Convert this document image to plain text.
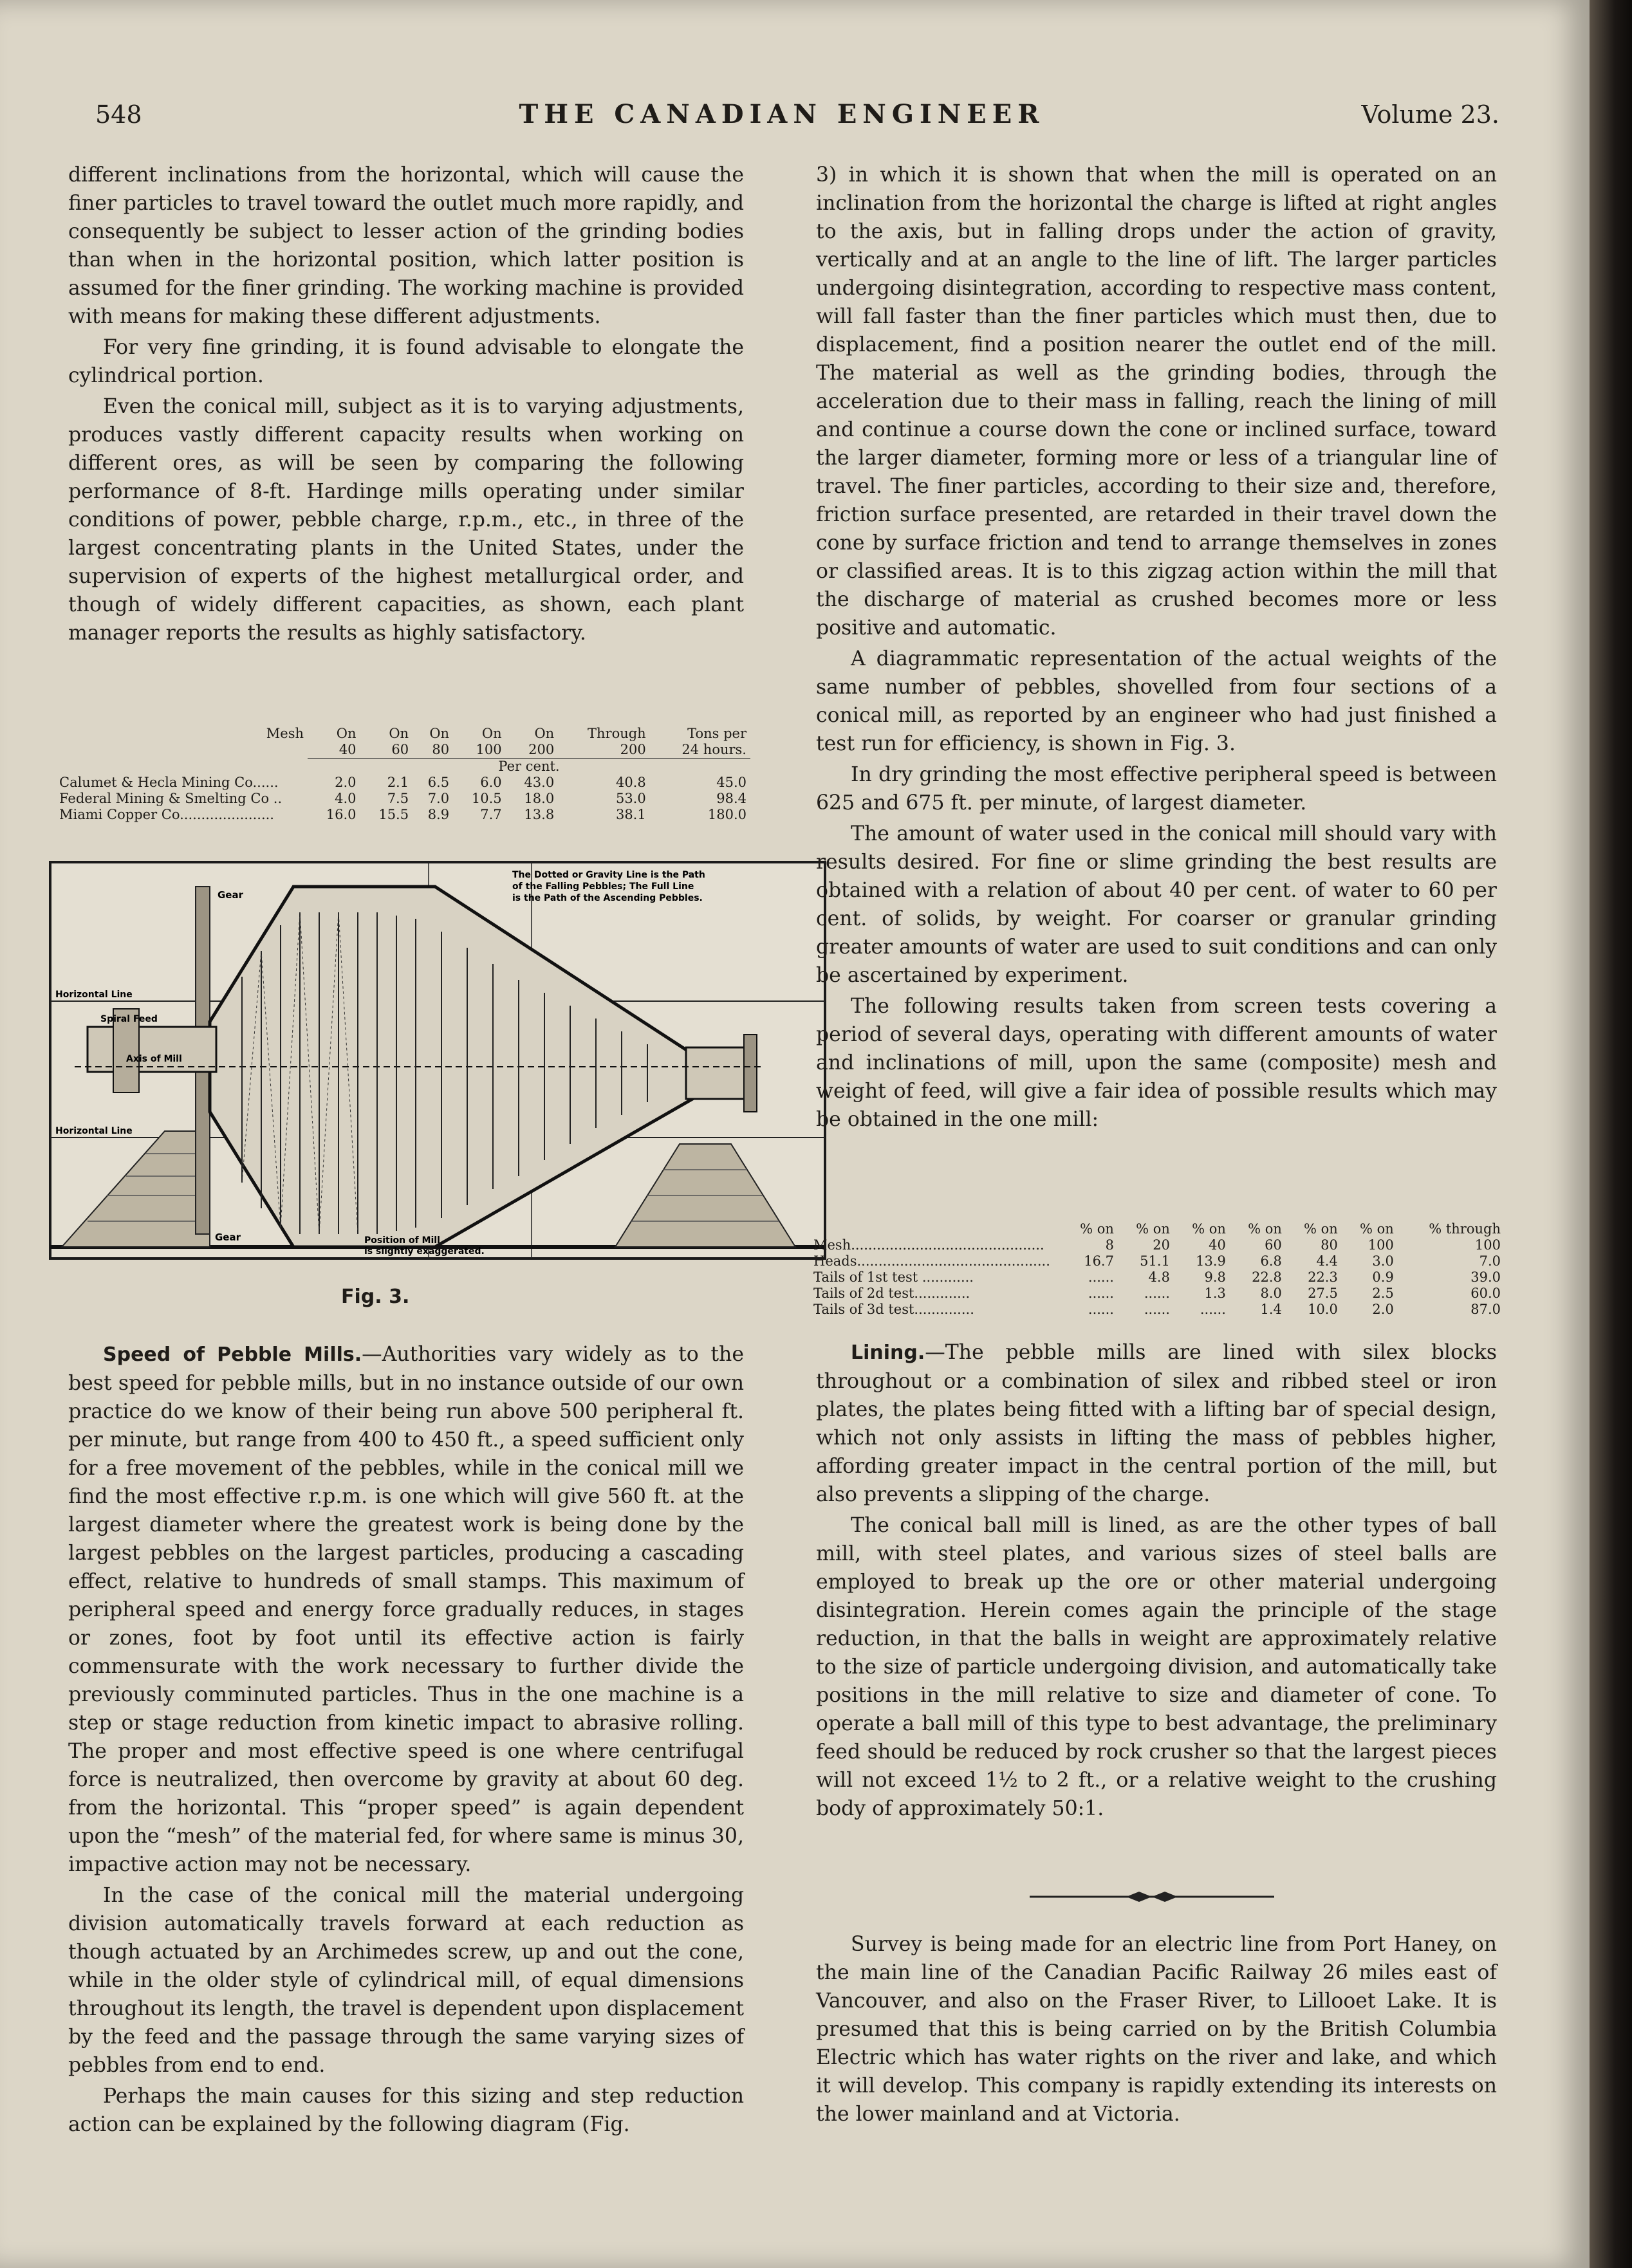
548	THE CANADIAN ENGINEER	Volume 23.

different inclinations from the horizontal, which will cause the finer particles to travel toward the outlet much more rapidly, and consequently be subject to lesser action of the grinding bodies than when in the horizontal position, which latter position is assumed for the finer grinding. The working machine is provided with means for making these different adjustments.

For very fine grinding, it is found advisable to elongate the cylindrical portion.

Even the conical mill, subject as it is to varying adjustments, produces vastly different capacity results when working on different ores, as will be seen by comparing the following performance of 8-ft. Hardinge mills operating under similar conditions of power, pebble charge, r.p.m., etc., in three of the largest concentrating plants in the United States, under the supervision of experts of the highest metallurgical order, and though of widely different capacities, as shown, each plant manager reports the results as highly satisfactory.

Mesh	On	On	On	On	On	Through	Tons per
	40	60	80	100	200	200	24 hours.
	Per cent.						
Calumet & Hecla Mining Co......	2.0	2.1	6.5	6.0	43.0	40.8	45.0
Federal Mining & Smelting Co ..	4.0	7.5	7.0	10.5	18.0	53.0	98.4
Miami Copper Co......................	16.0	15.5	8.9	7.7	13.8	38.1	180.0
Gear
Gear
Horizontal Line
Horizontal Line
Spiral Feed
Axis of Mill
The Dotted or Gravity Line is the Path
of the Falling Pebbles; The Full Line
is the Path of the Ascending Pebbles.
Position of Mill
is slightly exaggerated.
Fig. 3.

Speed of Pebble Mills.—Authorities vary widely as to the best speed for pebble mills, but in no instance outside of our own practice do we know of their being run above 500 peripheral ft. per minute, but range from 400 to 450 ft., a speed sufficient only for a free movement of the pebbles, while in the conical mill we find the most effective r.p.m. is one which will give 560 ft. at the largest diameter where the greatest work is being done by the largest pebbles on the largest particles, producing a cascading effect, relative to hundreds of small stamps. This maximum of peripheral speed and energy force gradually reduces, in stages or zones, foot by foot until its effective action is fairly commensurate with the work necessary to further divide the previously comminuted particles. Thus in the one machine is a step or stage reduction from kinetic impact to abrasive rolling. The proper and most effective speed is one where centrifugal force is neutralized, then overcome by gravity at about 60 deg. from the horizontal. This “proper speed” is again dependent upon the “mesh” of the material fed, for where same is minus 30, impactive action may not be necessary.

In the case of the conical mill the material undergoing division automatically travels forward at each reduction as though actuated by an Archimedes screw, up and out the cone, while in the older style of cylindrical mill, of equal dimensions throughout its length, the travel is dependent upon displacement by the feed and the passage through the same varying sizes of pebbles from end to end.

Perhaps the main causes for this sizing and step reduction action can be explained by the following diagram (Fig.

3) in which it is shown that when the mill is operated on an inclination from the horizontal the charge is lifted at right angles to the axis, but in falling drops under the action of gravity, vertically and at an angle to the line of lift. The larger particles undergoing disintegration, according to respective mass content, will fall faster than the finer particles which must then, due to displacement, find a position nearer the outlet end of the mill. The material as well as the grinding bodies, through the acceleration due to their mass in falling, reach the lining of mill and continue a course down the cone or inclined surface, toward the larger diameter, forming more or less of a triangular line of travel. The finer particles, according to their size and, therefore, friction surface presented, are retarded in their travel down the cone by surface friction and tend to arrange themselves in zones or classified areas. It is to this zigzag action within the mill that the discharge of material as crushed becomes more or less positive and automatic.

A diagrammatic representation of the actual weights of the same number of pebbles, shovelled from four sections of a conical mill, as reported by an engineer who had just finished a test run for efficiency, is shown in Fig. 3.

In dry grinding the most effective peripheral speed is between 625 and 675 ft. per minute, of largest diameter.

The amount of water used in the conical mill should vary with results desired. For fine or slime grinding the best results are obtained with a relation of about 40 per cent. of water to 60 per cent. of solids, by weight. For coarser or granular grinding greater amounts of water are used to suit conditions and can only be ascertained by experiment.

The following results taken from screen tests covering a period of several days, operating with different amounts of water and inclinations of mill, upon the same (composite) mesh and weight of feed, will give a fair idea of possible results which may be obtained in the one mill:

	% on	% on	% on	% on	% on	% on	% through
Mesh.............................................	8	20	40	60	80	100	100
Heads.............................................	16.7	51.1	13.9	6.8	4.4	3.0	7.0
Tails of 1st test ............	......	4.8	9.8	22.8	22.3	0.9	39.0
Tails of 2d test.............	......	......	1.3	8.0	27.5	2.5	60.0
Tails of 3d test..............	......	......	......	1.4	10.0	2.0	87.0

Lining.—The pebble mills are lined with silex blocks throughout or a combination of silex and ribbed steel or iron plates, the plates being fitted with a lifting bar of special design, which not only assists in lifting the mass of pebbles higher, affording greater impact in the central portion of the mill, but also prevents a slipping of the charge.

The conical ball mill is lined, as are the other types of ball mill, with steel plates, and various sizes of steel balls are employed to break up the ore or other material undergoing disintegration. Herein comes again the principle of the stage reduction, in that the balls in weight are approximately relative to the size of particle undergoing division, and automatically take positions in the mill relative to size and diameter of cone. To operate a ball mill of this type to best advantage, the preliminary feed should be reduced by rock crusher so that the largest pieces will not exceed 1½ to 2 ft., or a relative weight to the crushing body of approximately 50:1.

Survey is being made for an electric line from Port Haney, on the main line of the Canadian Pacific Railway 26 miles east of Vancouver, and also on the Fraser River, to Lillooet Lake. It is presumed that this is being carried on by the British Columbia Electric which has water rights on the river and lake, and which it will develop. This company is rapidly extending its interests on the lower mainland and at Victoria.
